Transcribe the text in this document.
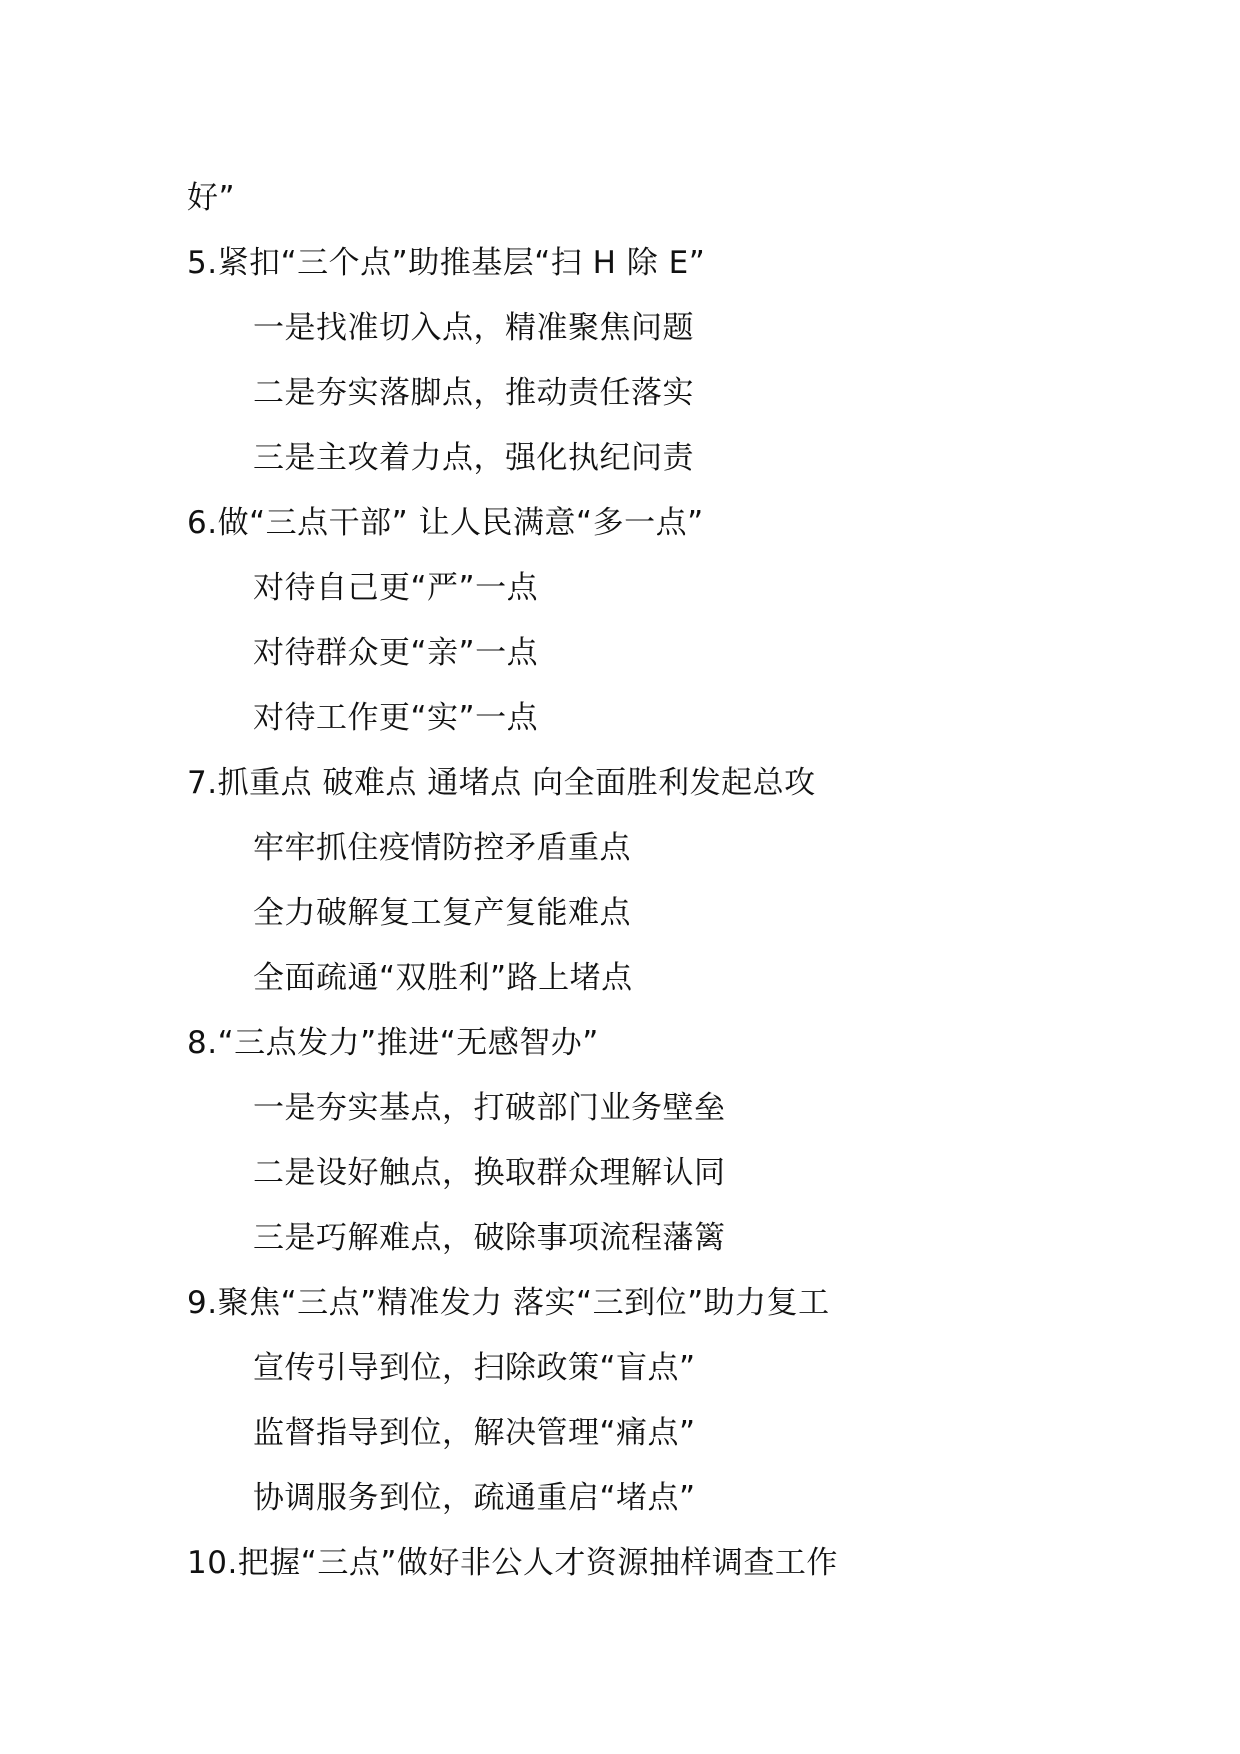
好”
5.紧扣“三个点”助推基层“扫 H 除 E”
一是找准切入点，精准聚焦问题
二是夯实落脚点，推动责任落实
三是主攻着力点，强化执纪问责
6.做“三点干部” 让人民满意“多一点”
对待自己更“严”一点
对待群众更“亲”一点
对待工作更“实”一点
7.抓重点 破难点 通堵点 向全面胜利发起总攻
牢牢抓住疫情防控矛盾重点
全力破解复工复产复能难点
全面疏通“双胜利”路上堵点
8.“三点发力”推进“无感智办”
一是夯实基点，打破部门业务壁垒
二是设好触点，换取群众理解认同
三是巧解难点，破除事项流程藩篱
9.聚焦“三点”精准发力 落实“三到位”助力复工
宣传引导到位，扫除政策“盲点”
监督指导到位，解决管理“痛点”
协调服务到位，疏通重启“堵点”
10.把握“三点”做好非公人才资源抽样调查工作
